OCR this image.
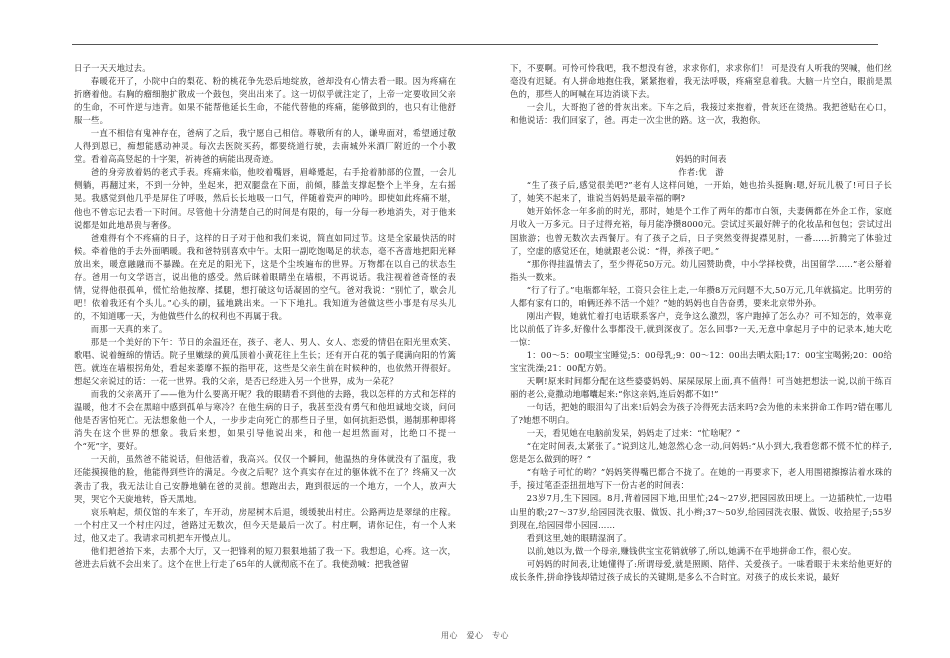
日子一天天地过去。

春暖花开了，小院中白的梨花、粉的桃花争先恐后地绽放，爸却没有心情去看一眼。因为疼痛在折磨着他。右胸的瘤细胞扩散成一个鼓包，突出出来了。这一切似乎就注定了，上帝一定要收回父亲的生命，不可忤逆与违背。如果不能帮他延长生命，不能代替他的疼痛，能够做到的，也只有让他舒服一些。

一直不相信有鬼神存在，爸病了之后，我宁愿自己相信。尊敬所有的人，谦卑面对，希望通过敬人得到恩已，痴想能感动神灵。每次去医院买药，都要绕道行驶，去南城外米酒厂附近的一个小教堂。看着高高竖起的十字架，祈祷爸的病能出现奇迹。

爸的身旁放着妈的老式手表。疼痛来临，他咬着嘴唇，眉峰蹙起，右手抢着肺部的位置，一会儿侧躺，再翻过来，不到一分钟，坐起来，把双腿盘在下面，前倾，膝盖支撑起整个上半身，左右摇晃。我感觉到他几乎是屏住了呼吸，然后长长地吸一口气，伴随着瓷声的呻吟。即使如此疼痛不堪，他也不曾忘记去看一下时间。尽管他十分清楚自己的时间是有限的，每一分每一秒地消失，对于他来说都是如此地昂贵与奢侈。

爸难得有个不疼痛的日子，这样的日子对于他和我们来说，简直如同过节。这是全家最快活的时候。牵着他的手去外面晒暖。我和爸特别喜欢中午。太阳一副吃饱喝足的状态，毫不吝啬地把阳光释放出来，暖意融融而不暴躁。在充足的阳光下，这是个尘埃遍布的世界。万物都在以自己的状态生存。爸用一句文学语言，说出他的感受。然后眯着眼睛坐在墙根，不再说话。我注视着爸奇怪的表情，觉得他很孤单，慌忙给他按摩、揉腿，想打破这句话凝固的空气。爸对我说：“别忙了，歇会儿吧！依着我还有个头儿。”心头的刷，猛地跳出来。一下下地扎。我知道为爸做这些小事是有尽头儿的，不知道哪一天，为他做些什么的权利也不再属于我。

而那一天真的来了。

那是一个美好的下午：节日的余温还在，孩子、老人、男人、女人、恋爱的情侣在阳光里欢笑、歌唱、说着缠绵的情话。院子里嫩绿的黄瓜顶着小黄花往上生长；还有开白花的瓠子爬满向阳的竹篱笆。就连在墙根拐角处，看起来萎靡不振的指甲花，这些是父亲生前在时候种的，也依然开得很好。想起父亲说过的话：一花一世界。我的父亲，是否已经进入另一个世界，成为一朵花？

而我的父亲离开了——他为什么要离开呢？我的眼睛看不到他的去路，我以怎样的方式和怎样的温暖，他才不会在黑暗中感到孤单与寒冷？在他生病的日子，我甚至没有勇气和他坦诚地交谈，问问他是否害怕死亡。无法想象他一个人，一步步走向死亡的那些日子里，如何抗拒恐惧，遏制那种即将消失在这个世界的想象。我后来想，如果引导他说出来，和他一起坦然面对，比绝口不提一个“死”字，要好。

一天前，虽然爸不能说话，但他活着，我高兴。仅仅一个瞬间，他温热的身体就没有了温度，我还能摸摸他的脸，他能得到些许的满足。今夜之后呢？这个真实存在过的躯体就不在了？终痛又一次袭击了我，我无法让自己安静地躺在爸的灵前。想跑出去，跑到很远的一个地方，一个人，放声大哭，哭它个天旋地转，昏天黑地。

哀乐响起，烦仪馆的车来了，车开动，房屋树木后退，缓缓驶出村庄。公路两边是翠绿的庄稼。一个村庄又一个村庄闪过，爸路过无数次，但今天是最后一次了。村庄啊，请你记住，有一个人来过，他又走了。我请求司机把车开慢点儿。

他们把爸抬下来，去那个大厅，又一把锋利的短刀狠狠地插了我一下。我想追，心疼。这一次，爸进去后就不会出来了。这个在世上行走了65年的人就彻底不在了。我使劲喊：把我爸留

下，不要啊。可怜可怜我吧，我不想没有爸，求求你们，求求你们！ 可是没有人听我的哭喊，他们丝毫没有迟疑。有人拼命地抱住我，紧紧抱着，我无法呼吸，疼痛窒息着我。大脑一片空白，眼前是黑色的，那些人的呵喊在耳边消谈下去。

一会儿，大哥抱了爸的骨灰出来。下车之后，我接过来抱着，骨灰还在烫热。我把爸贴在心口，和他说话：我们回家了，爸。再走一次尘世的路。这一次，我抱你。

妈妈的时间表

作者:优　游

“生了孩子后,感觉很美吧?”老有人这样问她，一开始，她也抬头挺胸:嗯,好玩儿极了!可日子长了，她笑不起来了，谁说当妈妈是最幸福的啊?

她开始怀念一年多前的时光，那时，她是个工作了两年的都市白领，夫妻俩都在外企工作，家庭月收入一万多元。日子过得充裕，每月能净攒8000元。尝试过买最好牌子的化妆品和包包；尝试过出国旅游；也曾无数次去西餐厅。有了孩子之后，日子突然变得捉襟见肘，一番……折腾完了体验过了，空虚的感觉还在，她就跟老公说：“得，养孩子吧。”

“那你得挂温情去了，至少得花50万元。幼儿园赞助费，中小学择校费，出国留学……”老公掰着指头一数来。

“行了行了。”电瓶都年轻，工资只会往上走,一年攒8万元问题不大,50万元,几年就搞定。比明劳的人都有家有口的，咱俩还养不活一个娃？”她的妈妈也自告奋勇，要来北京带外孙。

刚出产假，她就忙着打电话联系客户，竞争这么激烈，客户跑掉了怎么办？可不知怎的，效率竟比以前低了许多,好像什么事都没干,就到深夜了。怎么回事?一天,无意中拿起月子中的记录本,她大吃一惊：

1：00～5：00喂宝宝睡觉;5：00母乳;9：00～12：00出去晒太阳;17：00宝宝喝粥;20：00给宝宝洗澡;21：00配方奶。

天啊!原来时间都分配在这些婆婆妈妈、屎屎尿尿上面,真不值得！可当她把想法一说,以前干练百丽的老公,竟撒动地嘟囔起来:“你这亲妈,连后妈都不如!”

一句话，把她的眼泪勾了出来!后妈会为孩子冷得死去活来吗?会为他的未来拼命工作吗?错在哪儿了?她想不明白。

一天，看见她在电脑前发呆，妈妈走了过来：“忙啥呢？”

“在定时间表,太紧张了。”说到这儿,她忽然心念一动,问妈妈:“从小到大,我看您都不慌不忙的样子,您是怎么做到的呀？”

“有啥子可忙的哟？”妈妈笑得嘴巴都合不拢了。在她的一再要求下，老人用围裙擦擦沾着水珠的手，接过笔歪歪扭扭地写下一份古老的时间表：

23岁7月,生下园园。8月,背着园园下地,田里忙;24～27岁,把园园放田埂上。一边插秧忙,一边唱山里的歌;27～37岁,给园园洗衣服、做饭、扎小辫;37～50岁,给园园洗衣服、做饭、收拾屋子;55岁到现在,给园园带小园园……

看到这里,她的眼睛湿润了。

以前,她以为,做一个母亲,赚钱供宝宝花销就够了,所以,她满不在乎地拼命工作，很心安。

可妈妈的时间表,让她懂得了:所谓母爱,就是照顾、陪伴、关爱孩子。一味看眼于未来给他更好的成长条件,拼命挣钱却错过孩子成长的关键期,是多么不合时宜。对孩子的成长来说，最好

用心　爱心　专心
